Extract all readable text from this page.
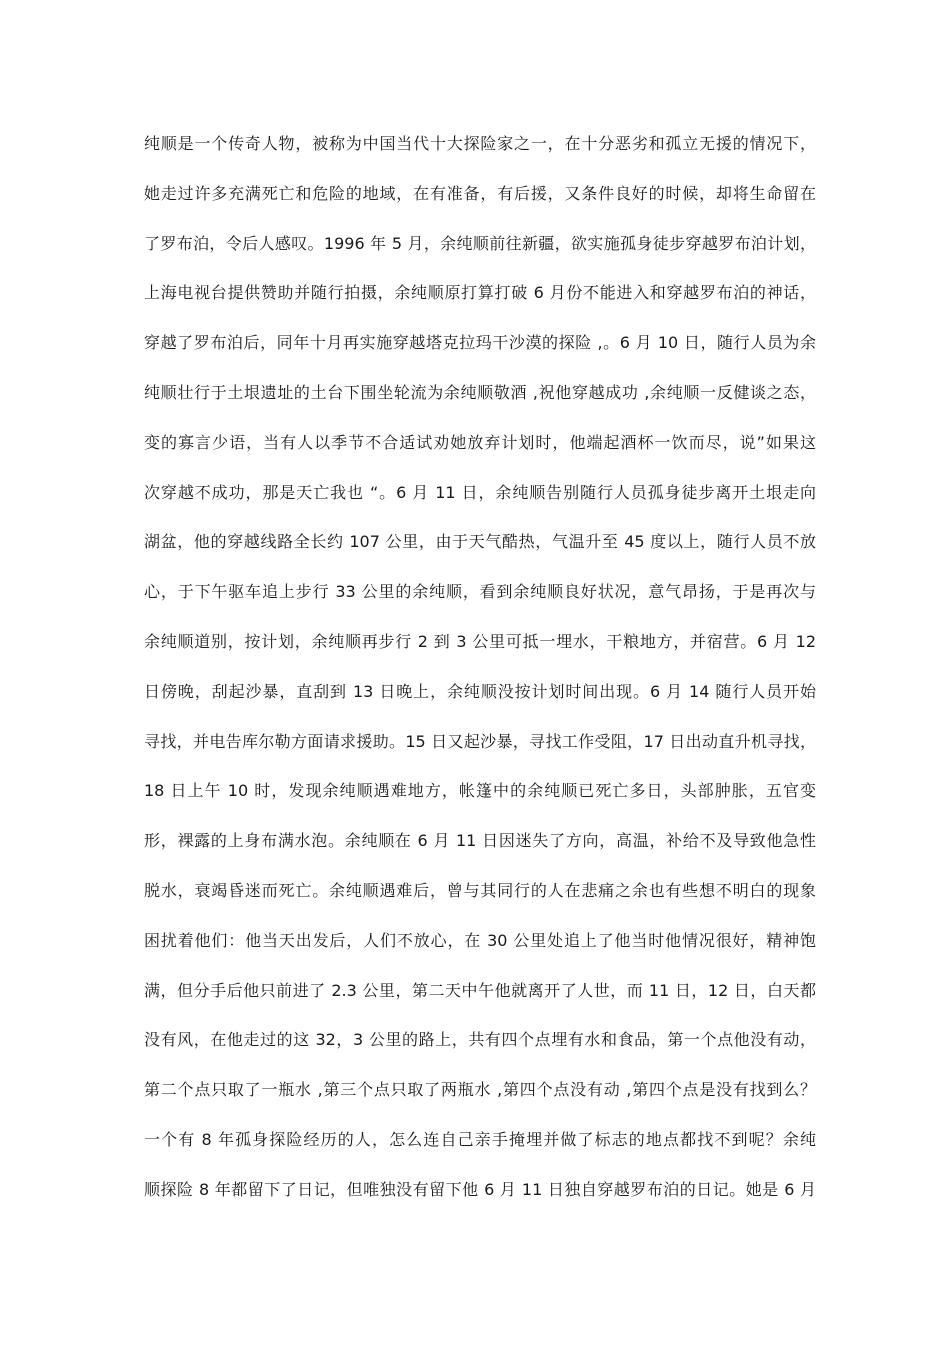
纯顺是一个传奇人物，被称为中国当代十大探险家之一，在十分恶劣和孤立无援的情况下，
她走过许多充满死亡和危险的地域，在有准备，有后援，又条件良好的时候，却将生命留在
了罗布泊，令后人感叹。1996 年 5 月，余纯顺前往新疆，欲实施孤身徒步穿越罗布泊计划，
上海电视台提供赞助并随行拍摄，余纯顺原打算打破 6 月份不能进入和穿越罗布泊的神话，
穿越了罗布泊后，同年十月再实施穿越塔克拉玛干沙漠的探险 ,。6 月 10 日，随行人员为余
纯顺壮行于土垠遗址的土台下围坐轮流为余纯顺敬酒 ,祝他穿越成功 ,余纯顺一反健谈之态，
变的寡言少语，当有人以季节不合适试劝她放弃计划时，他端起酒杯一饮而尽，说”如果这
次穿越不成功，那是天亡我也 “。6 月 11 日，余纯顺告别随行人员孤身徒步离开土垠走向
湖盆，他的穿越线路全长约 107 公里，由于天气酷热，气温升至 45 度以上，随行人员不放
心，于下午驱车追上步行 33 公里的余纯顺，看到余纯顺良好状况，意气昂扬，于是再次与
余纯顺道别，按计划，余纯顺再步行 2 到 3 公里可抵一埋水，干粮地方，并宿营。6 月 12
日傍晚，刮起沙暴，直刮到 13 日晚上，余纯顺没按计划时间出现。6 月 14 随行人员开始
寻找，并电告库尔勒方面请求援助。15 日又起沙暴，寻找工作受阻，17 日出动直升机寻找，
18 日上午 10 时，发现余纯顺遇难地方，帐篷中的余纯顺已死亡多日，头部肿胀，五官变
形，裸露的上身布满水泡。余纯顺在 6 月 11 日因迷失了方向，高温，补给不及导致他急性
脱水，衰竭昏迷而死亡。余纯顺遇难后，曾与其同行的人在悲痛之余也有些想不明白的现象
困扰着他们：他当天出发后，人们不放心，在 30 公里处追上了他当时他情况很好，精神饱
满，但分手后他只前进了 2.3 公里，第二天中午他就离开了人世，而 11 日，12 日，白天都
没有风，在他走过的这 32，3 公里的路上，共有四个点埋有水和食品，第一个点他没有动，
第二个点只取了一瓶水 ,第三个点只取了两瓶水 ,第四个点没有动 ,第四个点是没有找到么？
一个有 8 年孤身探险经历的人，怎么连自己亲手掩埋并做了标志的地点都找不到呢？余纯
顺探险 8 年都留下了日记，但唯独没有留下他 6 月 11 日独自穿越罗布泊的日记。她是 6 月
